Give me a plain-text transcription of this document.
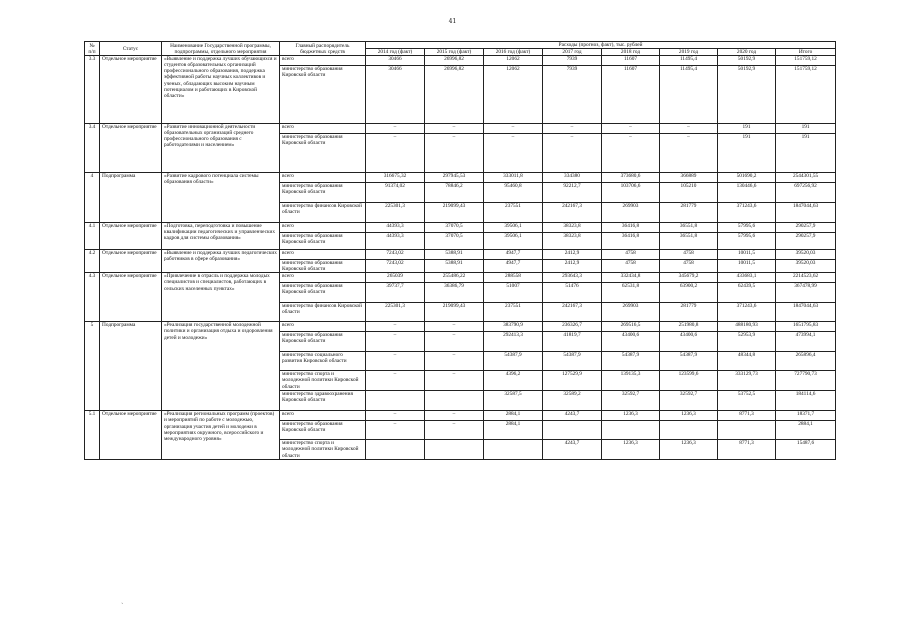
41
№ п/п	Статус	Наименование Государственной программы, подпрограммы, отдельного мероприятия	Главный распорядитель бюджетных средств	Расходы (прогноз, факт), тыс. рублей							
				2014 год (факт)	2015 год (факт)	2016 год (факт)	2017 год	2018 год	2019 год	2020 год	Итого
3.3	Отдельное мероприятие	«Выявление и поддержка лучших обучающихся и студентов образовательных организаций профессионального образования, поддержка эффективной работы научных коллективов и ученых, обладающих высоким научным потенциалом и работающих в Кировской области»	всего	30466	26996,82	12062	7939	11607	11495,4	50192,9	151759,12
			министерство образования Кировской области	30466	26996,82	12062	7939	11607	11495,4	50192,9	151759,12
3.4	Отдельное мероприятие	«Развитие инновационной деятельности образовательных организаций среднего профессионального образования с работодателями и населением»	всего	–	–	–	–	–	–	191	191
			министерство образования Кировской области	–	–	–	–	–	–	191	191
4	Подпрограмма	«Развитие кадрового потенциала системы образования области»	всего	316675,32	297945,53	333011,8	334380	373680,6	366889	501690,2	2544301,55
			министерство образования Кировской области	91374,02	78846,2	95460,8	92212,7	103706,6	105210	130446,6	697256,92
			министерство финансов Кировской области	225301,3	219099,43	237551	242167,3	269903	281779	371243,6	1847044,63
4.1	Отдельное мероприятие	«Подготовка, переподготовка и повышение квалификации педагогических и управленческих кадров для системы образования»	всего	44393,3	37070,5	39506,1	38323,8	36416,8	36551,8	57995,6	290257,9
			министерство образования Кировской области	44393,3	37070,5	39506,1	38323,8	36416,8	36551,8	57995,6	290257,9
4.2	Отдельное мероприятие	«Выявление и поддержка лучших педагогических работников в сфере образования»	всего	7243,02	5388,91	4947,7	2412,9	4758	4758	10011,5	39520,03
			министерство образования Кировской области	7243,02	5388,91	4947,7	2412,9	4758	4758	10011,5	39520,03
4.3	Отдельное мероприятие	«Привлечение в отрасль и поддержка молодых специалистов и специалистов, работающих в сельских населенных пунктах»	всего	265039	255486,22	288558	293643,3	332434,8	345679,2	433683,1	2214523,62
			министерство образования Кировской области	39737,7	36386,79	51007	51476	62531,8	63900,2	62439,5	367478,99
			министерство финансов Кировской области	225301,3	219099,43	237551	242167,3	269903	281779	371243,6	1847044,63
5	Подпрограмма	«Реализация государственной молодежной политики и организация отдыха и оздоровления детей и молодежи»	всего	–	–	383790,9	236326,7	269516,5	251980,8	488180,93	1651795,83
			министерство образования Кировской области	–	–	292413,3	41819,7	43400,6	43400,6	52953,9	473994,1
			министерство социального развития Кировской области	–	–	54387,9	54387,9	54387,9	54387,9	48344,8	265896,4
			министерство спорта и молодежной политики Кировской области	–	–	4396,2	127529,9	139135,3	123599,6	333129,73	727790,73
			министерство здравоохранения Кировской области			32587,5	32589,2	32592,7	32592,7	53752,5	184114,6
5.1	Отдельное мероприятие	«Реализация региональных программ (проектов) и мероприятий по работе с молодежью, организация участия детей и молодежи в мероприятиях окружного, всероссийского и международного уровня»	всего	–	–	2884,1	4243,7	1236,3	1236,3	8771,3	18371,7
			министерство образования Кировской области	–	–	2884,1					2884,1
			министерство спорта и молодежной политики Кировской области				4243,7	1236,3	1236,3	8771,3	15487,6
`
